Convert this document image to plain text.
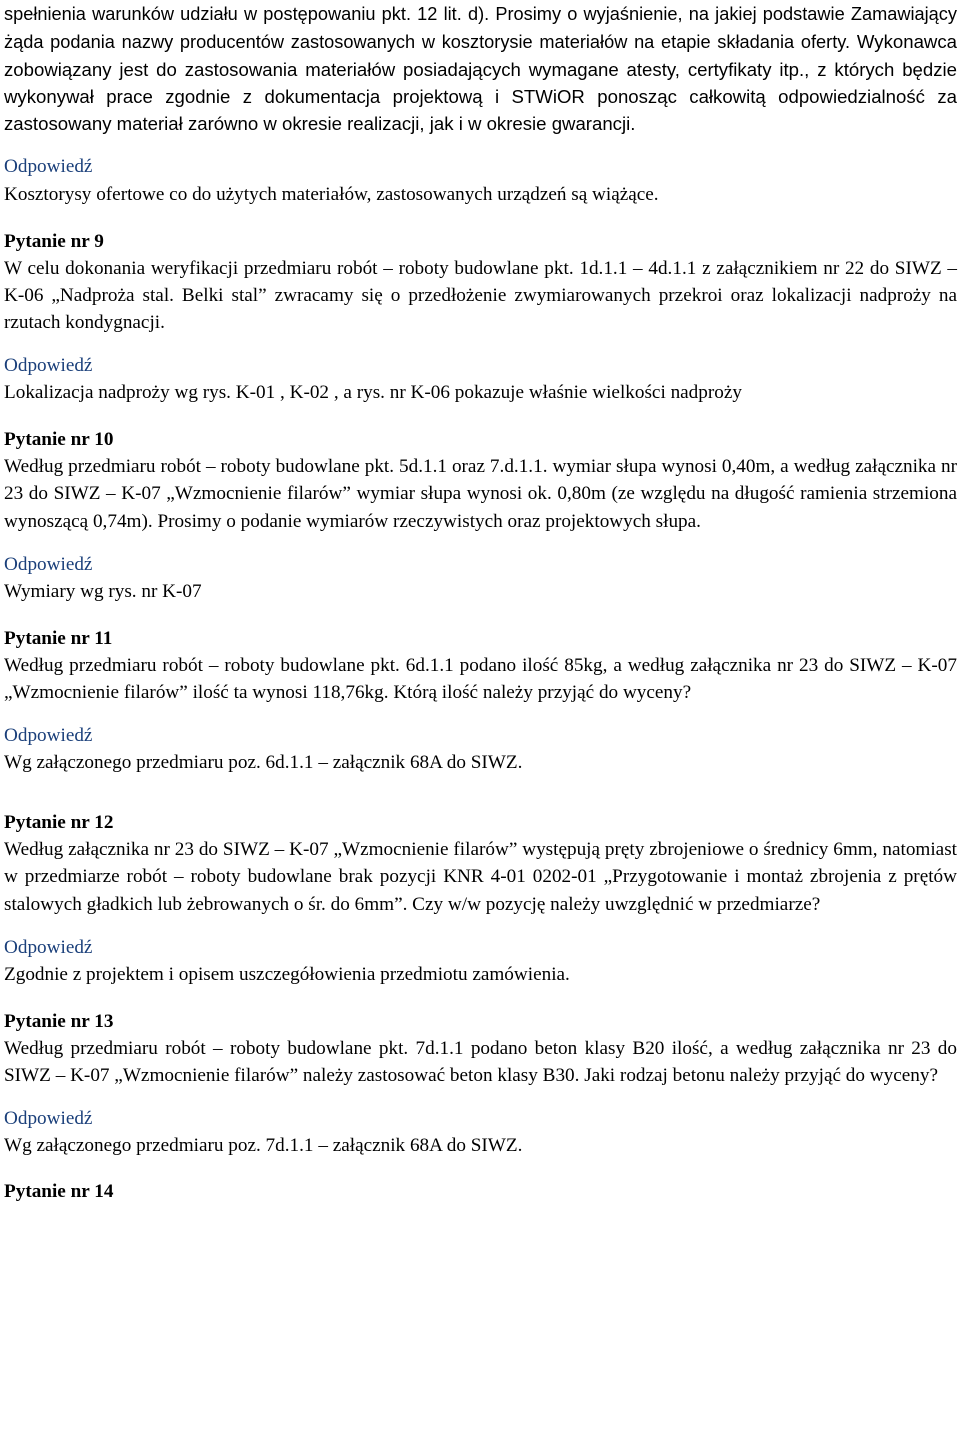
spełnienia warunków udziału w postępowaniu pkt. 12 lit. d). Prosimy o wyjaśnienie, na jakiej podstawie Zamawiający żąda podania nazwy producentów zastosowanych w kosztorysie materiałów na etapie składania oferty. Wykonawca zobowiązany jest do zastosowania materiałów posiadających wymagane atesty, certyfikaty itp., z których będzie wykonywał prace zgodnie z dokumentacja projektową i STWiOR ponosząc całkowitą odpowiedzialność za zastosowany materiał zarówno w okresie realizacji, jak i w okresie gwarancji.

Odpowiedź

Kosztorysy ofertowe co do użytych materiałów, zastosowanych urządzeń są wiążące.

Pytanie nr 9

W celu dokonania weryfikacji przedmiaru robót – roboty budowlane pkt. 1d.1.1 – 4d.1.1 z załącznikiem nr 22 do SIWZ – K-06 „Nadproża stal. Belki stal” zwracamy się o przedłożenie zwymiarowanych przekroi oraz lokalizacji nadproży na rzutach kondygnacji.

Odpowiedź

Lokalizacja nadproży wg rys. K-01 , K-02 , a rys. nr K-06 pokazuje właśnie wielkości nadproży

Pytanie nr 10

Według przedmiaru robót – roboty budowlane pkt. 5d.1.1 oraz 7.d.1.1. wymiar słupa wynosi 0,40m, a według załącznika nr 23 do SIWZ – K-07 „Wzmocnienie filarów” wymiar słupa wynosi ok. 0,80m (ze względu na długość ramienia strzemiona wynoszącą 0,74m). Prosimy o podanie wymiarów rzeczywistych oraz projektowych słupa.

Odpowiedź

Wymiary wg rys. nr K-07

Pytanie nr 11

Według przedmiaru robót – roboty budowlane pkt. 6d.1.1 podano ilość 85kg, a według załącznika nr 23 do SIWZ – K-07 „Wzmocnienie filarów” ilość ta wynosi 118,76kg. Którą ilość należy przyjąć do wyceny?

Odpowiedź

Wg załączonego przedmiaru poz. 6d.1.1 – załącznik 68A do SIWZ.

Pytanie nr 12

Według załącznika nr 23 do SIWZ – K-07 „Wzmocnienie filarów” występują pręty zbrojeniowe o średnicy 6mm, natomiast w przedmiarze robót – roboty budowlane brak pozycji KNR 4-01 0202-01 „Przygotowanie i montaż zbrojenia z prętów stalowych gładkich lub żebrowanych o śr. do 6mm”. Czy w/w pozycję należy uwzględnić w przedmiarze?

Odpowiedź

Zgodnie z projektem i opisem uszczegółowienia przedmiotu zamówienia.

Pytanie nr 13

Według przedmiaru robót – roboty budowlane pkt. 7d.1.1 podano beton klasy B20 ilość, a według załącznika nr 23 do SIWZ – K-07 „Wzmocnienie filarów” należy zastosować beton klasy B30. Jaki rodzaj betonu należy przyjąć do wyceny?

Odpowiedź

Wg załączonego przedmiaru poz. 7d.1.1 – załącznik 68A do SIWZ.

Pytanie nr 14
